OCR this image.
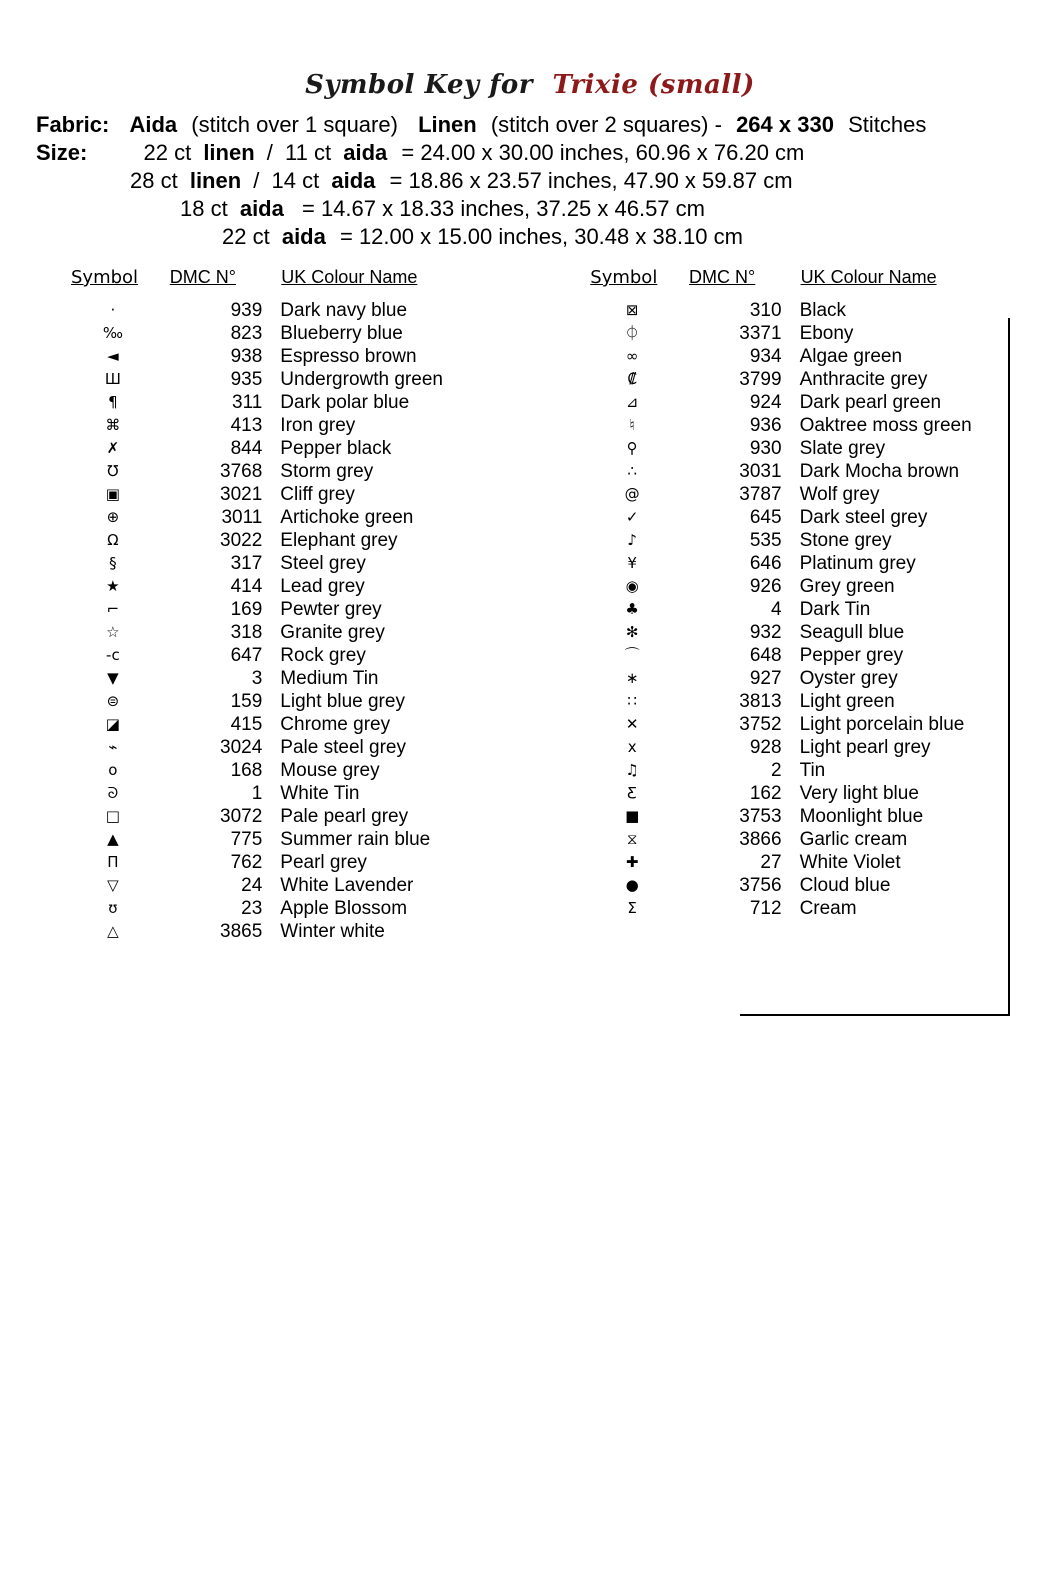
Symbol Key for Trixie (small)
Fabric: Aida (stitch over 1 square) Linen (stitch over 2 squares) - 264 x 330 Stitches
Size:	22 ct linen / 11 ct aida = 24.00 x 30.00 inches, 60.96 x 76.20 cm
28 ct linen / 14 ct aida = 18.86 x 23.57 inches, 47.90 x 59.87 cm
18 ct aida = 14.67 x 18.33 inches, 37.25 x 46.57 cm
22 ct aida = 12.00 x 15.00 inches, 30.48 x 38.10 cm
Symbol	DMC N°	UK Colour Name		Symbol	DMC N°	UK Colour Name
·	939	Dark navy blue		⊠	310	Black
‰	823	Blueberry blue		⏀	3371	Ebony
◄	938	Espresso brown		∞	934	Algae green
Ш	935	Undergrowth green		₡	3799	Anthracite grey
¶	311	Dark polar blue		⊿	924	Dark pearl green
⌘	413	Iron grey		♮	936	Oaktree moss green
✗	844	Pepper black		⚲	930	Slate grey
℧	3768	Storm grey		∴	3031	Dark Mocha brown
▣	3021	Cliff grey		@	3787	Wolf grey
⊕	3011	Artichoke green		✓	645	Dark steel grey
Ω	3022	Elephant grey		♪	535	Stone grey
§	317	Steel grey		¥	646	Platinum grey
★	414	Lead grey		◉	926	Grey green
⌐	169	Pewter grey		♣	4	Dark Tin
☆	318	Granite grey		✻	932	Seagull blue
-c	647	Rock grey		⌒	648	Pepper grey
▼	3	Medium Tin		∗	927	Oyster grey
⊜	159	Light blue grey		∷	3813	Light green
◪	415	Chrome grey		✕	3752	Light porcelain blue
⌁	3024	Pale steel grey		x	928	Light pearl grey
o	168	Mouse grey		♫	2	Tin
ᘐ	1	White Tin		Ƹ	162	Very light blue
□	3072	Pale pearl grey		■	3753	Moonlight blue
▲	775	Summer rain blue		⧖	3866	Garlic cream
Π	762	Pearl grey		✚	27	White Violet
▽	24	White Lavender		●	3756	Cloud blue
ʊ	23	Apple Blossom		Σ	712	Cream
△	3865	Winter white				
